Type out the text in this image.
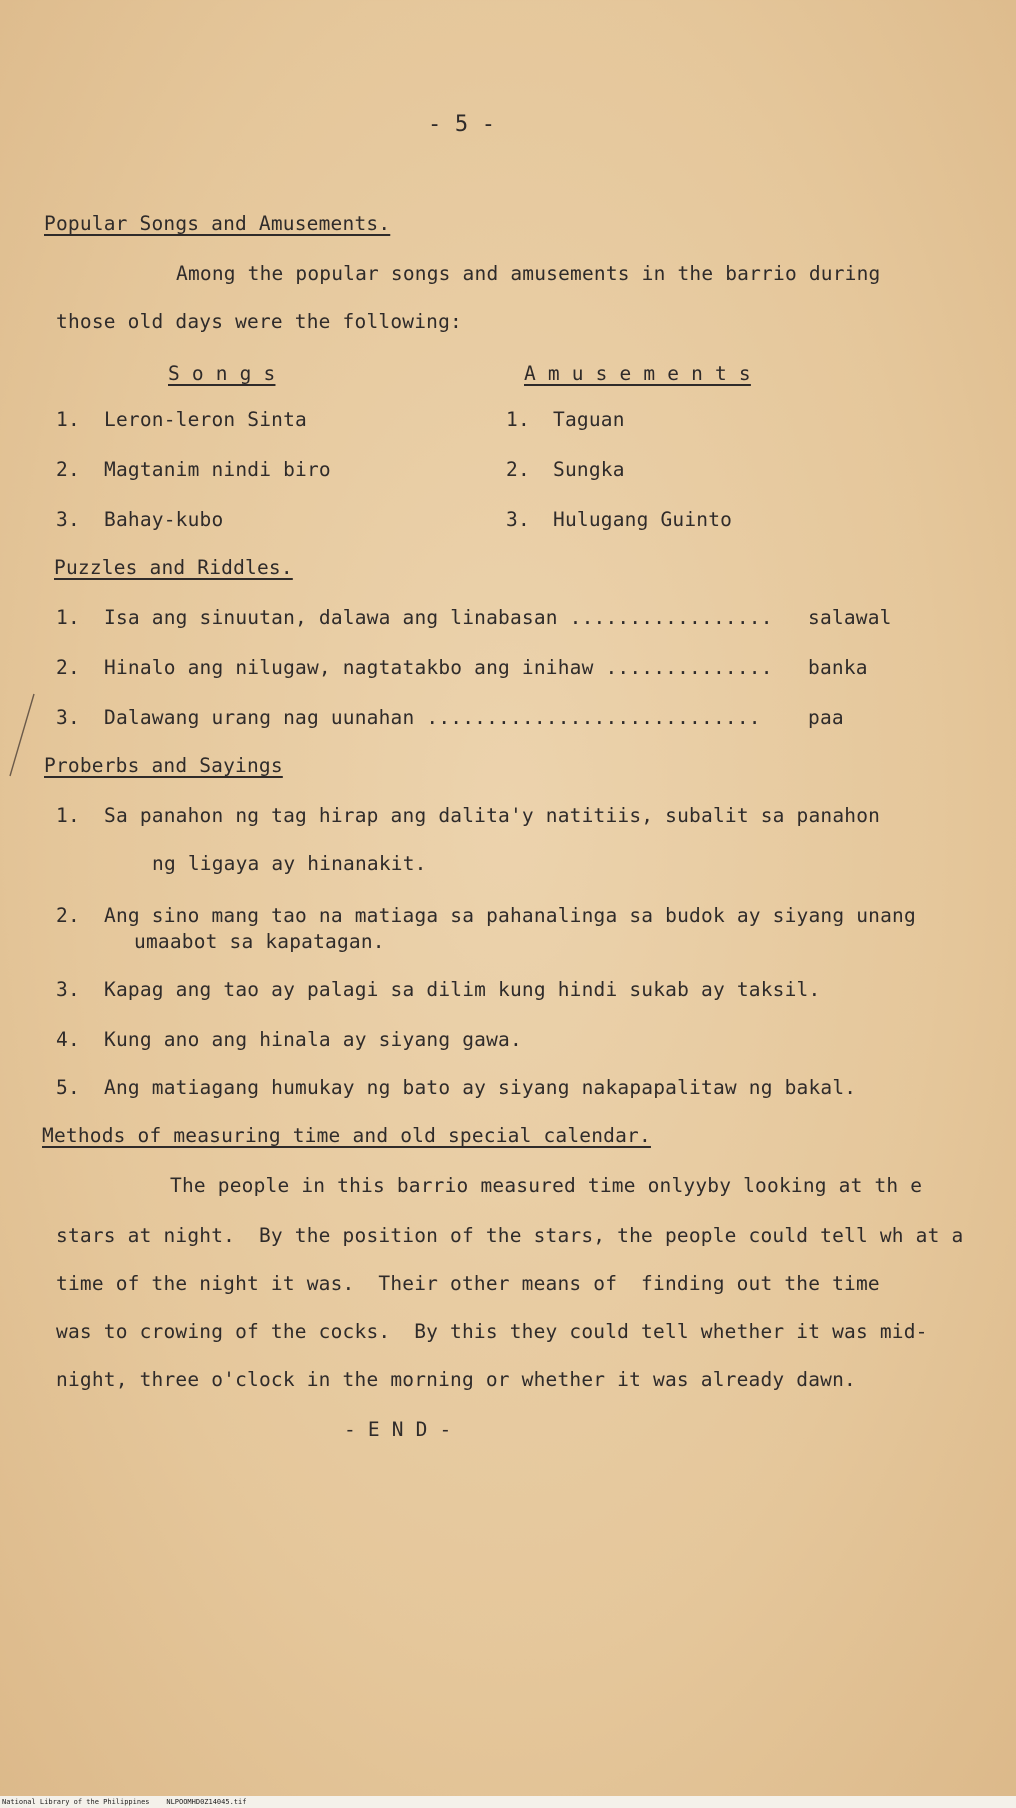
- 5 -
Popular Songs and Amusements.
Among the popular songs and amusements in the barrio during
those old days were the following:
S o n g s	A m u s e m e n t s
1. Leron-leron Sinta
2. Magtanim nindi biro
3. Bahay-kubo
1. Taguan
2. Sungka
3. Hulugang Guinto
Puzzles and Riddles.
1. Isa ang sinuutan, dalawa ang linabasan ................. salawal
2. Hinalo ang nilugaw, nagtatakbo ang inihaw .............. banka
3. Dalawang urang nag uunahan ............................ paa
Proberbs and Sayings
1. Sa panahon ng tag hirap ang dalita'y natitiis, subalit sa panahon
ng ligaya ay hinanakit.
2. Ang sino mang tao na matiaga sa pahanalinga sa budok ay siyang unang
umaabot sa kapatagan.
3. Kapag ang tao ay palagi sa dilim kung hindi sukab ay taksil.
4. Kung ano ang hinala ay siyang gawa.
5. Ang matiagang humukay ng bato ay siyang nakapapalitaw ng bakal.
Methods of measuring time and old special calendar.
The people in this barrio measured time onlyyby looking at th e
stars at night.  By the position of the stars, the people could tell wh at a
time of the night it was.  Their other means of  finding out the time
was to crowing of the cocks.  By this they could tell whether it was mid-
night, three o'clock in the morning or whether it was already dawn.
- E N D -
National Library of the Philippines    NLPOOMHD0Z14045.tif
